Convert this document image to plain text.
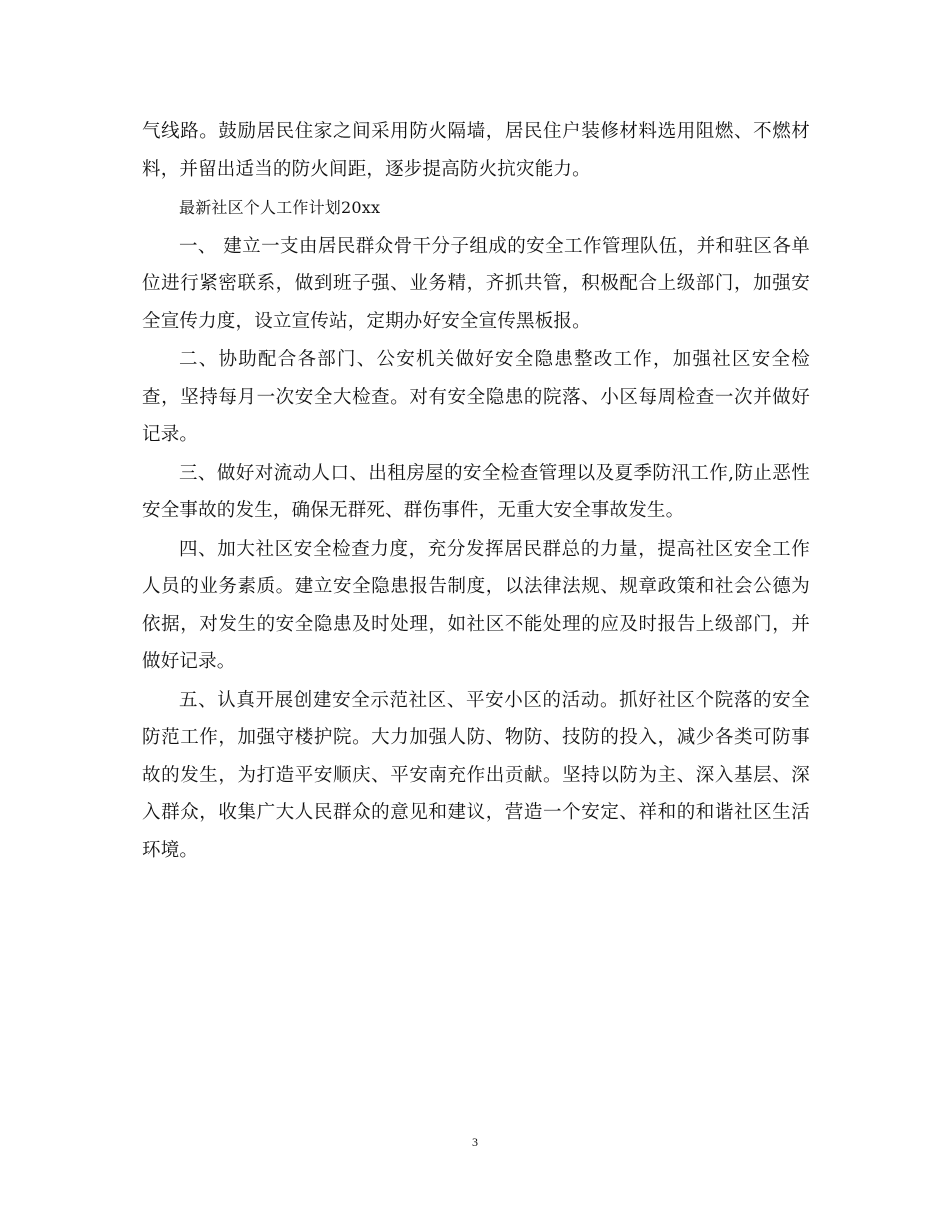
气线路。鼓励居民住家之间采用防火隔墙，居民住户装修材料选用阻燃、不燃材料，并留出适当的防火间距，逐步提高防火抗灾能力。

最新社区个人工作计划20xx

一、 建立一支由居民群众骨干分子组成的安全工作管理队伍，并和驻区各单位进行紧密联系，做到班子强、业务精，齐抓共管，积极配合上级部门，加强安全宣传力度，设立宣传站，定期办好安全宣传黑板报。

二、协助配合各部门、公安机关做好安全隐患整改工作，加强社区安全检查，坚持每月一次安全大检查。对有安全隐患的院落、小区每周检查一次并做好记录。

三、做好对流动人口、出租房屋的安全检查管理以及夏季防汛工作,防止恶性安全事故的发生，确保无群死、群伤事件，无重大安全事故发生。

四、加大社区安全检查力度，充分发挥居民群总的力量，提高社区安全工作人员的业务素质。建立安全隐患报告制度，以法律法规、规章政策和社会公德为依据，对发生的安全隐患及时处理，如社区不能处理的应及时报告上级部门，并做好记录。

五、认真开展创建安全示范社区、平安小区的活动。抓好社区个院落的安全防范工作，加强守楼护院。大力加强人防、物防、技防的投入，减少各类可防事故的发生，为打造平安顺庆、平安南充作出贡献。坚持以防为主、深入基层、深入群众，收集广大人民群众的意见和建议，营造一个安定、祥和的和谐社区生活环境。

3
